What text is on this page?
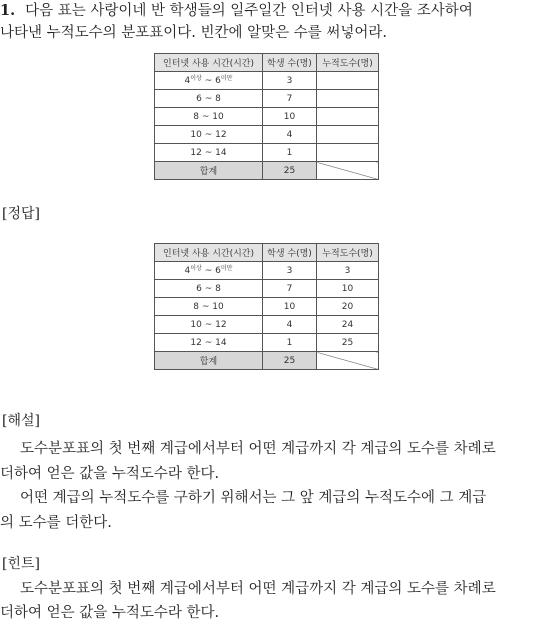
1. 다음 표는 사랑이네 반 학생들의 일주일간 인터넷 사용 시간을 조사하여
나타낸 누적도수의 분포표이다. 빈칸에 알맞은 수를 써넣어라.
인터넷 사용 시간(시간)	학생 수(명)	누적도수(명)
$4^{이상}$ ~ $6^{미만}$	3	
6 ~ 8	7	
8 ~ 10	10	
10 ~ 12	4	
12 ~ 14	1	
합계	25	
[정답]
인터넷 사용 시간(시간)	학생 수(명)	누적도수(명)
$4^{이상}$ ~ $6^{미만}$	3	3
6 ~ 8	7	10
8 ~ 10	10	20
10 ~ 12	4	24
12 ~ 14	1	25
합계	25	
[해설]
도수분포표의 첫 번째 계급에서부터 어떤 계급까지 각 계급의 도수를 차례로
더하여 얻은 값을 누적도수라 한다.
어떤 계급의 누적도수를 구하기 위해서는 그 앞 계급의 누적도수에 그 계급
의 도수를 더한다.
[힌트]
도수분포표의 첫 번째 계급에서부터 어떤 계급까지 각 계급의 도수를 차례로
더하여 얻은 값을 누적도수라 한다.
